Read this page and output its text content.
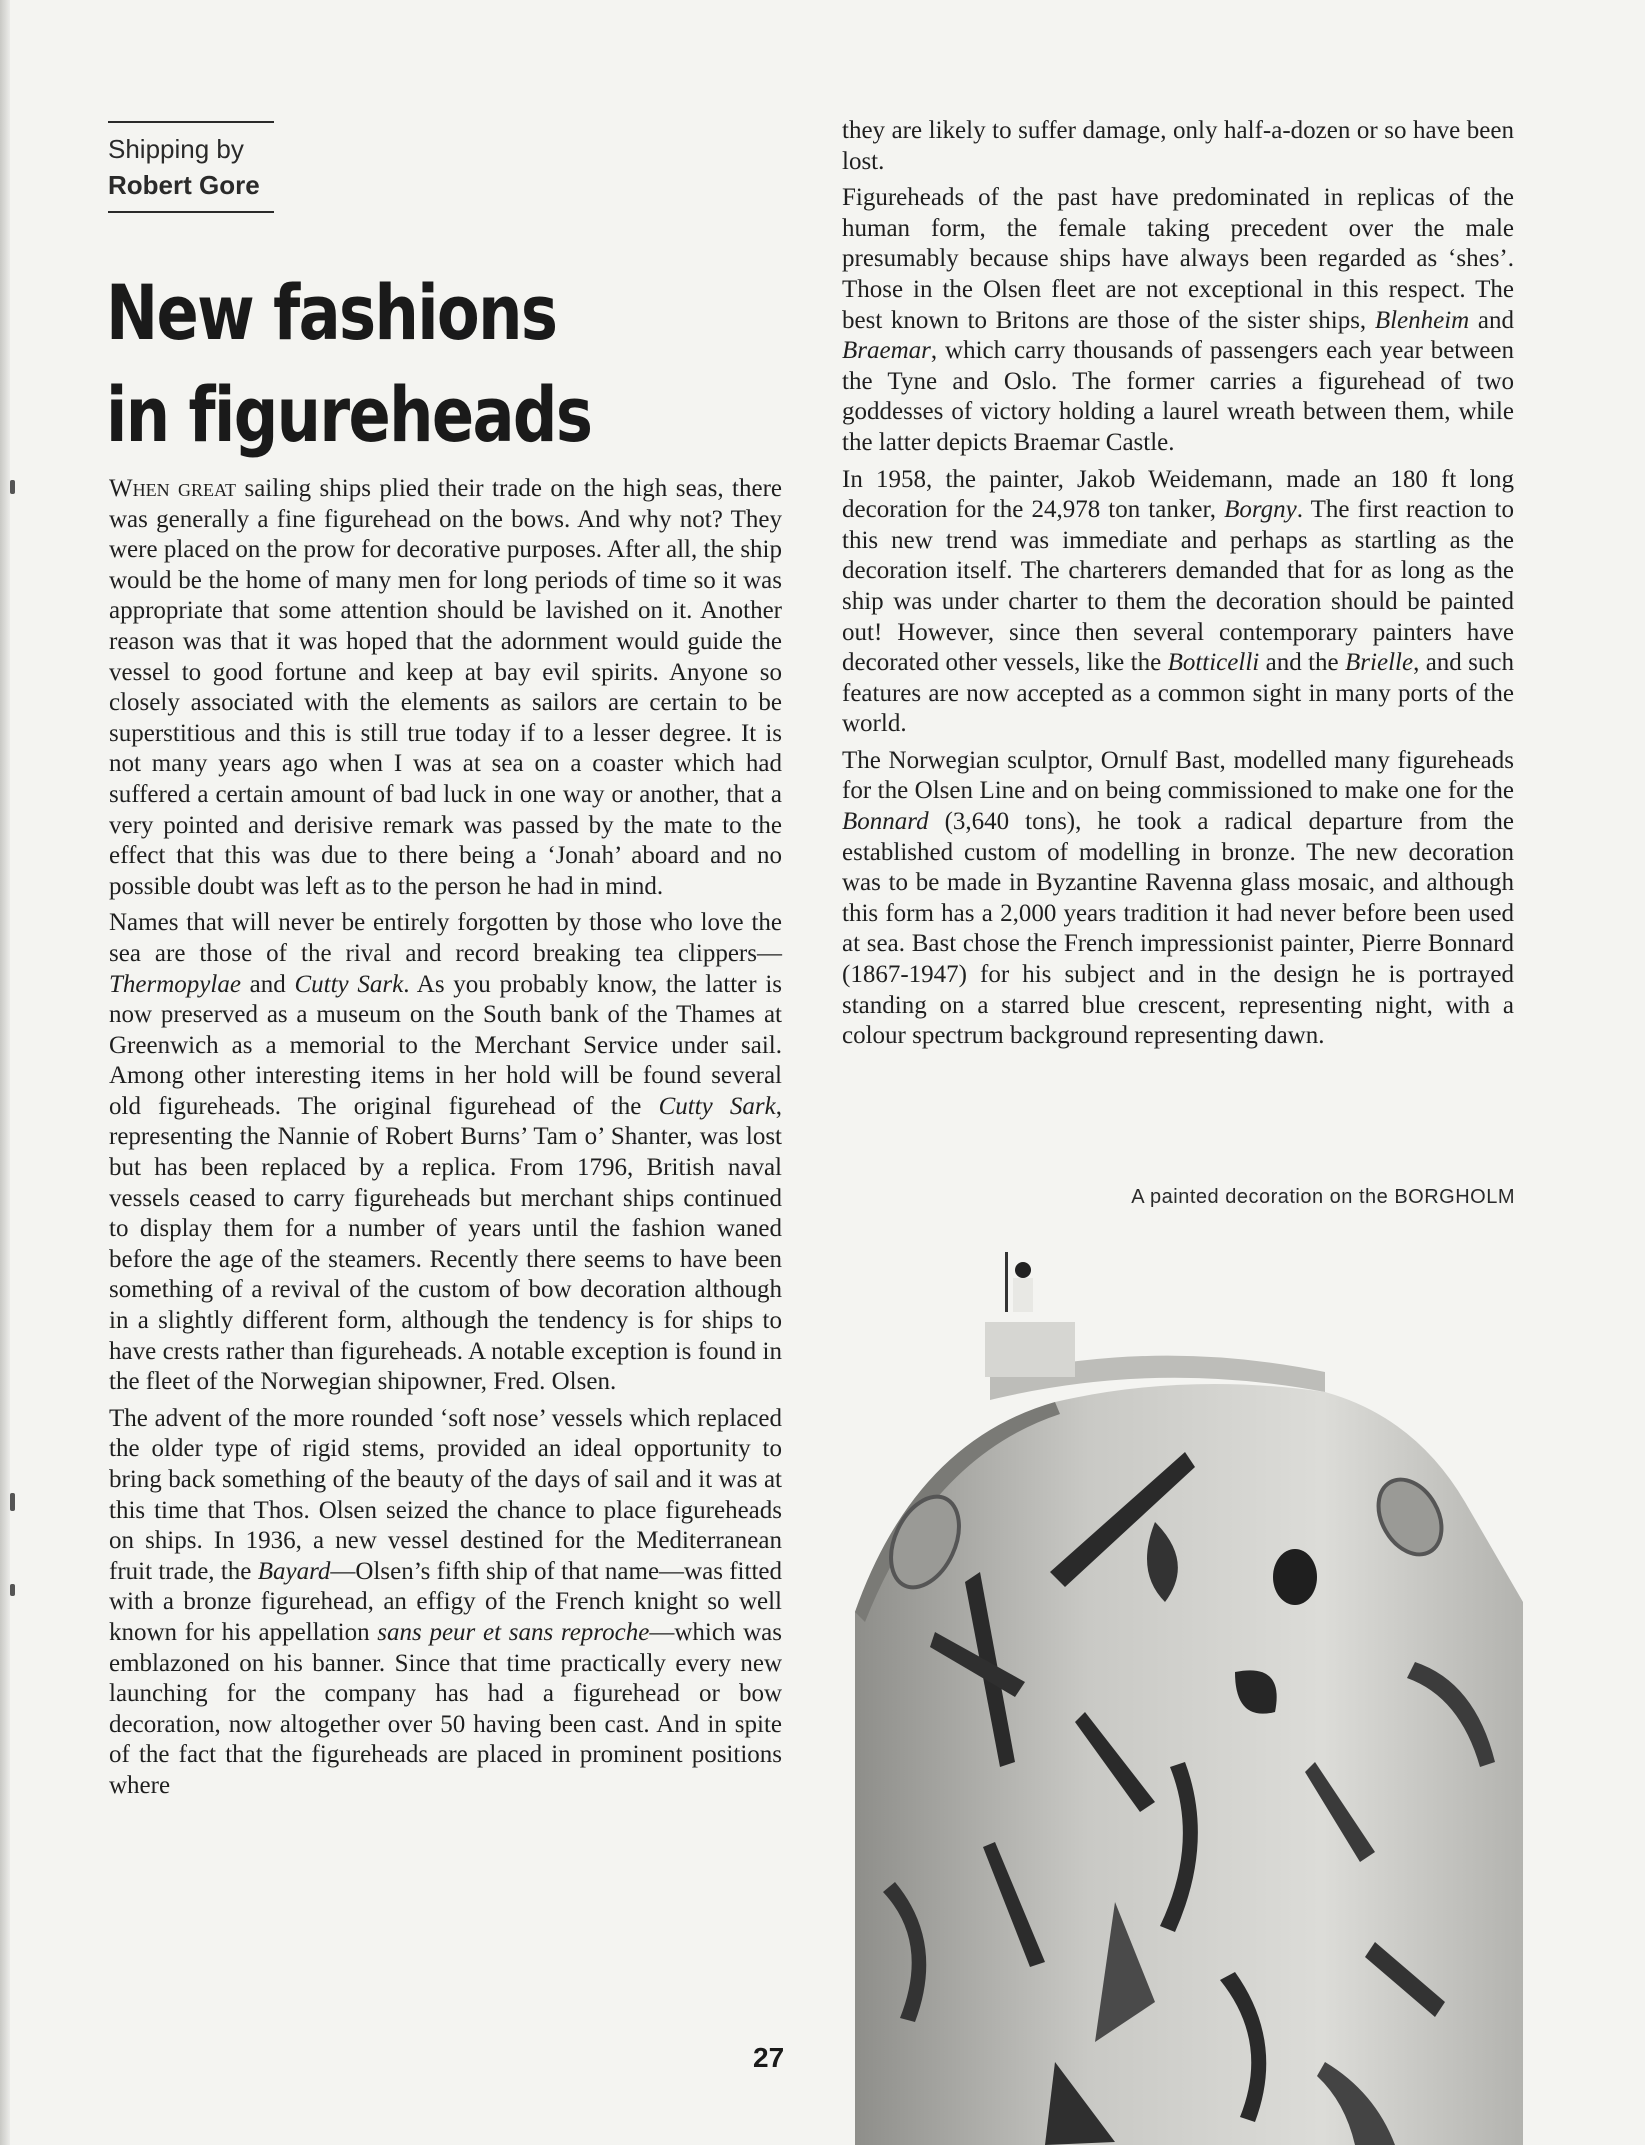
Shipping by
Robert Gore
New fashions
in figureheads

When great sailing ships plied their trade on the high seas, there was generally a fine figurehead on the bows. And why not? They were placed on the prow for decorative purposes. After all, the ship would be the home of many men for long periods of time so it was appropriate that some attention should be lavished on it. Another reason was that it was hoped that the adornment would guide the vessel to good fortune and keep at bay evil spirits. Anyone so closely associated with the elements as sailors are certain to be superstitious and this is still true today if to a lesser degree. It is not many years ago when I was at sea on a coaster which had suffered a certain amount of bad luck in one way or another, that a very pointed and derisive remark was passed by the mate to the effect that this was due to there being a ‘Jonah’ aboard and no possible doubt was left as to the person he had in mind.

Names that will never be entirely forgotten by those who love the sea are those of the rival and record breaking tea clippers—Thermopylae and Cutty Sark. As you probably know, the latter is now preserved as a museum on the South bank of the Thames at Greenwich as a memorial to the Merchant Service under sail. Among other interesting items in her hold will be found several old figureheads. The original figurehead of the Cutty Sark, representing the Nannie of Robert Burns’ Tam o’ Shanter, was lost but has been replaced by a replica. From 1796, British naval vessels ceased to carry figureheads but merchant ships continued to display them for a number of years until the fashion waned before the age of the steamers. Recently there seems to have been something of a revival of the custom of bow decoration although in a slightly different form, although the tendency is for ships to have crests rather than figureheads. A notable exception is found in the fleet of the Norwegian shipowner, Fred. Olsen.

The advent of the more rounded ‘soft nose’ vessels which replaced the older type of rigid stems, provided an ideal opportunity to bring back something of the beauty of the days of sail and it was at this time that Thos. Olsen seized the chance to place figureheads on ships. In 1936, a new vessel destined for the Mediterranean fruit trade, the Bayard—Olsen’s fifth ship of that name—was fitted with a bronze figurehead, an effigy of the French knight so well known for his appellation sans peur et sans reproche—which was emblazoned on his banner. Since that time practically every new launching for the company has had a figurehead or bow decoration, now altogether over 50 having been cast. And in spite of the fact that the figureheads are placed in prominent positions where

they are likely to suffer damage, only half-a-dozen or so have been lost.

Figureheads of the past have predominated in replicas of the human form, the female taking precedent over the male presumably because ships have always been regarded as ‘shes’. Those in the Olsen fleet are not exceptional in this respect. The best known to Britons are those of the sister ships, Blenheim and Braemar, which carry thousands of passengers each year between the Tyne and Oslo. The former carries a figurehead of two goddesses of victory holding a laurel wreath between them, while the latter depicts Braemar Castle.

In 1958, the painter, Jakob Weidemann, made an 180 ft long decoration for the 24,978 ton tanker, Borgny. The first reaction to this new trend was immediate and perhaps as startling as the decoration itself. The charterers demanded that for as long as the ship was under charter to them the decoration should be painted out! However, since then several contemporary painters have decorated other vessels, like the Botticelli and the Brielle, and such features are now accepted as a common sight in many ports of the world.

The Norwegian sculptor, Ornulf Bast, modelled many figureheads for the Olsen Line and on being commissioned to make one for the Bonnard (3,640 tons), he took a radical departure from the established custom of modelling in bronze. The new decoration was to be made in Byzantine Ravenna glass mosaic, and although this form has a 2,000 years tradition it had never before been used at sea. Bast chose the French impressionist painter, Pierre Bonnard (1867-1947) for his subject and in the design he is portrayed standing on a starred blue crescent, representing night, with a colour spectrum background representing dawn.

A painted decoration on the BORGHOLM
27
